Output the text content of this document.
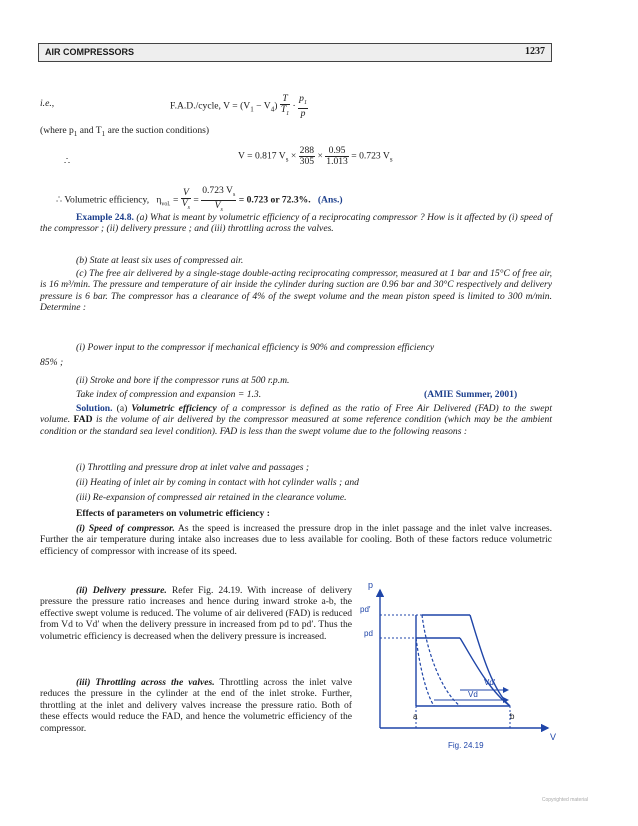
AIR COMPRESSORS	1237
i.e.,	F.A.D./cycle, $V = (V_1 - V_4) \frac{T}{T_1} \cdot \frac{p_1}{p}$
(where $p_1$ and $T_1$ are the suction conditions)
∴	V = 0.817 $V_s \times \frac{288}{305} \times \frac{0.95}{1.013} = 0.723$ $V_s$
∴ Volumetric efficiency, $\eta_{vol.} = \frac{V}{V_s} = \frac{0.723 V_s}{V_s} = 0.723$ or 72.3%. (Ans.)
Example 24.8. (a) What is meant by volumetric efficiency of a reciprocating compressor ? How is it affected by (i) speed of the compressor ; (ii) delivery pressure ; and (iii) throttling across the valves.
(b) State at least six uses of compressed air.
(c) The free air delivered by a single-stage double-acting reciprocating compressor, measured at 1 bar and 15°C of free air, is 16 m³/min. The pressure and temperature of air inside the cylinder during suction are 0.96 bar and 30°C respectively and delivery pressure is 6 bar. The compressor has a clearance of 4% of the swept volume and the mean piston speed is limited to 300 m/min. Determine :
(i) Power input to the compressor if mechanical efficiency is 90% and compression efficiency
85% ;
(ii) Stroke and bore if the compressor runs at 500 r.p.m.
Take index of compression and expansion = 1.3.	(AMIE Summer, 2001)
Solution. (a) Volumetric efficiency of a compressor is defined as the ratio of Free Air Delivered (FAD) to the swept volume. FAD is the volume of air delivered by the compressor measured at some reference condition (which may be the ambient condition or the standard sea level condition). FAD is less than the swept volume due to the following reasons :
(i) Throttling and pressure drop at inlet valve and passages ;
(ii) Heating of inlet air by coming in contact with hot cylinder walls ; and
(iii) Re-expansion of compressed air retained in the clearance volume.
Effects of parameters on volumetric efficiency :
(i) Speed of compressor. As the speed is increased the pressure drop in the inlet passage and the inlet valve increases. Further the air temperature during intake also increases due to less available for cooling. Both of these factors reduce volumetric efficiency of compressor with increase of its speed.
(ii) Delivery pressure. Refer Fig. 24.19. With increase of delivery pressure the pressure ratio increases and hence during inward stroke a-b, the effective swept volume is reduced. The volume of air delivered (FAD) is reduced from Vd to Vd′ when the delivery pressure in increased from pd to pd′. Thus the volumetric efficiency is decreased when the delivery pressure is increased.
(iii) Throttling across the valves. Throttling across the inlet valve reduces the pressure in the cylinder at the end of the inlet stroke. Further, throttling at the inlet and delivery valves increase the pressure ratio. Both of these effects would reduce the FAD, and hence the volumetric efficiency of the compressor.
p
V
pd′
pd
Vd′
Vd
a	b
Fig. 24.19
Copyrighted material
